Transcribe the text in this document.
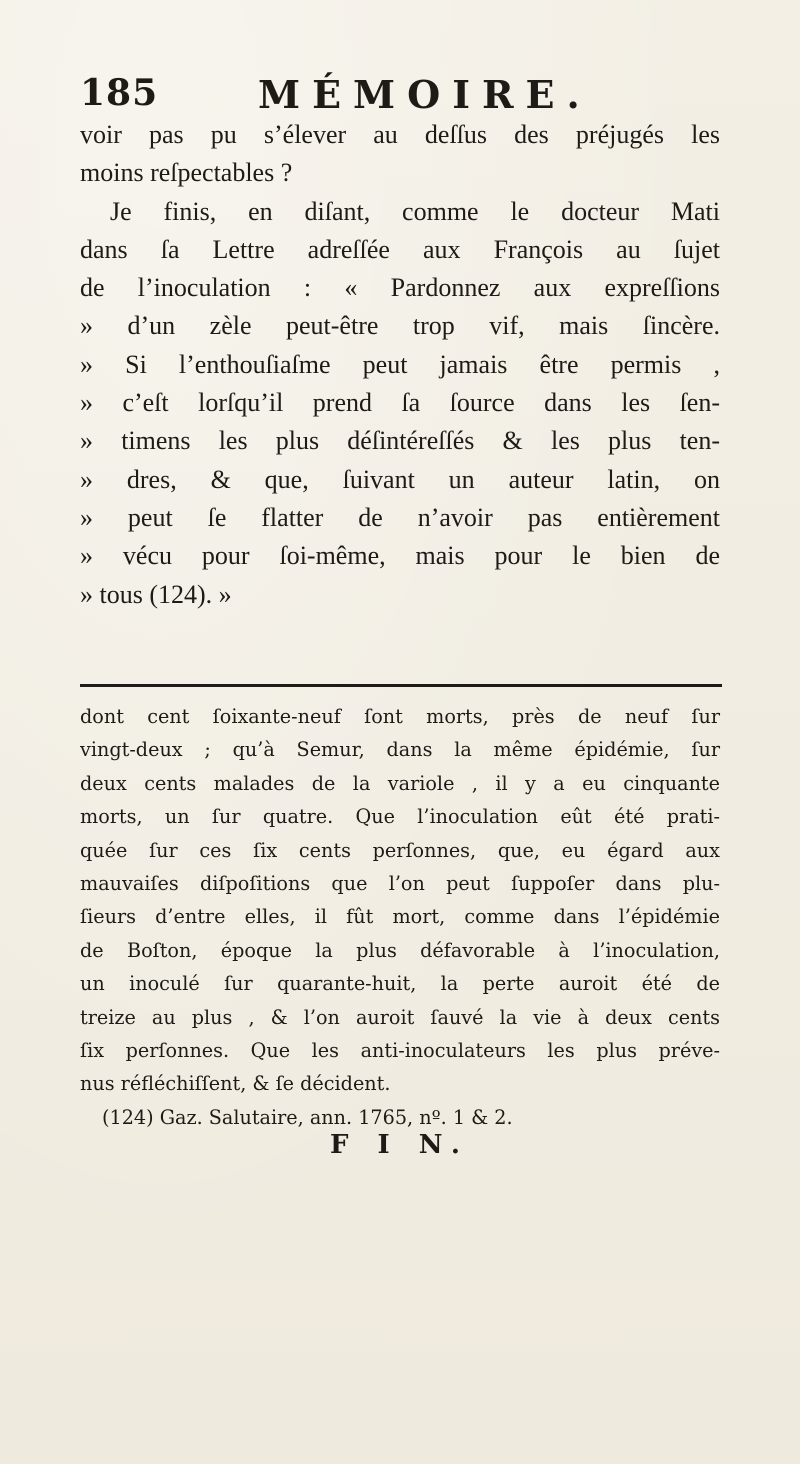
185	MÉMOIRE.
voir pas pu s’élever au deſſus des préjugés les
moins reſpectables ?
Je finis, en diſant, comme le docteur Mati
dans ſa Lettre adreſſée aux François au ſujet
de l’inoculation : « Pardonnez aux expreſſions
» d’un zèle peut-être trop vif, mais ſincère.
» Si l’enthouſiaſme peut jamais être permis ,
» c’eſt lorſqu’il prend ſa ſource dans les ſen-
» timens les plus déſintéreſſés & les plus ten-
» dres, & que, ſuivant un auteur latin, on
» peut ſe flatter de n’avoir pas entièrement
» vécu pour ſoi-même, mais pour le bien de
» tous (124). »
dont cent ſoixante-neuf ſont morts, près de neuf ſur
vingt-deux ; qu’à Semur, dans la même épidémie, ſur
deux cents malades de la variole , il y a eu cinquante
morts, un ſur quatre. Que l’inoculation eût été prati-
quée ſur ces ſix cents perſonnes, que, eu égard aux
mauvaiſes diſpoſitions que l’on peut ſuppoſer dans plu-
ſieurs d’entre elles, il fût mort, comme dans l’épidémie
de Boſton, époque la plus défavorable à l’inoculation,
un inoculé ſur quarante-huit, la perte auroit été de
treize au plus , & l’on auroit ſauvé la vie à deux cents
ſix perſonnes. Que les anti-inoculateurs les plus préve-
nus réfléchiſſent, & ſe décident.
(124) Gaz. Salutaire, ann. 1765, nº. 1 & 2.
F I N.
